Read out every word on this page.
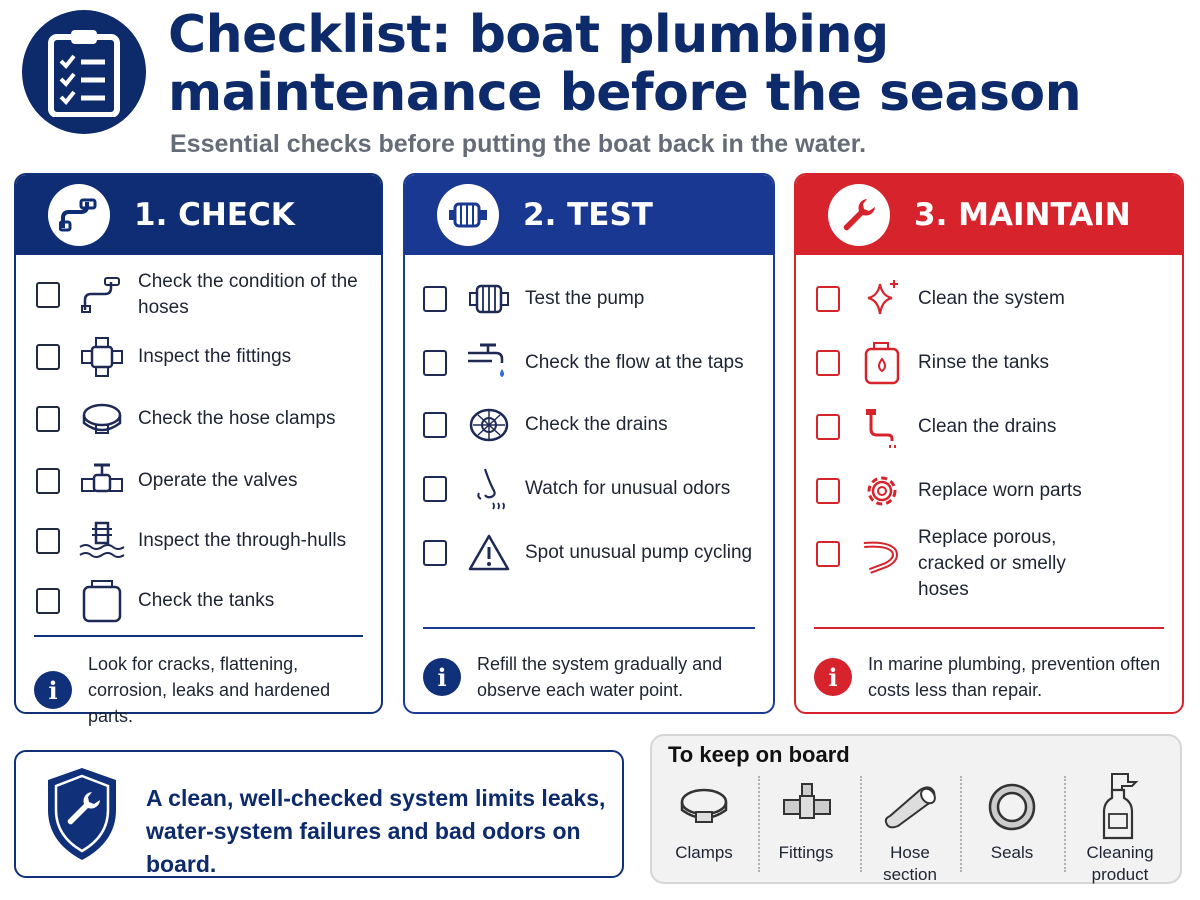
Checklist: boat plumbing maintenance before the season
Essential checks before putting the boat back in the water.
1. CHECK
Check the condition of the hoses
Inspect the fittings
Check the hose clamps
Operate the valves
Inspect the through-hulls
Check the tanks
i
Look for cracks, flattening, corrosion, leaks and hardened parts.
2. TEST
Test the pump
Check the flow at the taps
Check the drains
Watch for unusual odors
Spot unusual pump cycling
i	Refill the system gradually and observe each water point.
3. MAINTAIN
Clean the system
Rinse the tanks
Clean the drains
Replace worn parts
Replace porous, cracked or smelly hoses
i	In marine plumbing, prevention often costs less than repair.
A clean, well-checked system limits leaks, water-system failures and bad odors on board.
To keep on board
Clamps	Fittings	Hose section
Seals	Cleaning product
